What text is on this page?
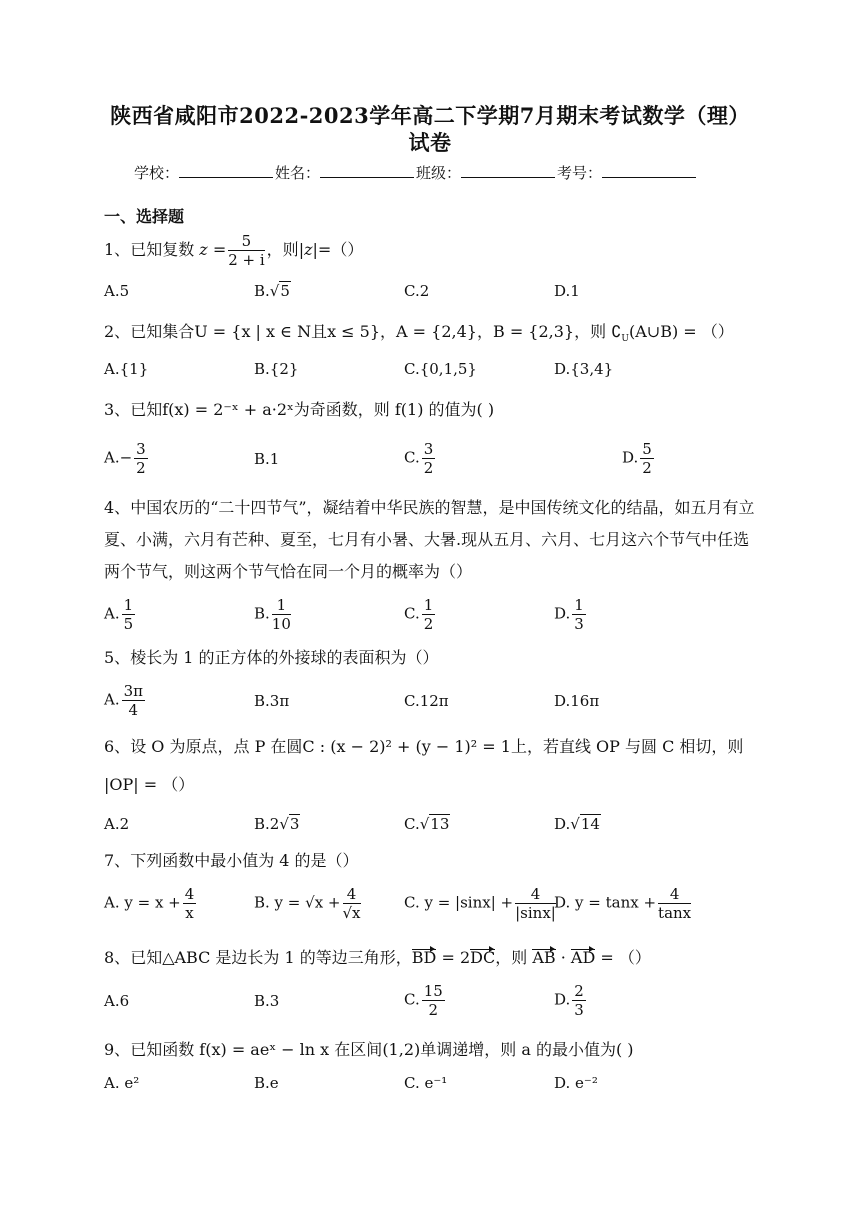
陕西省咸阳市2022-2023学年高二下学期7月期末考试数学（理）试卷
学校：	姓名：	班级：	考号：
一、选择题
1、已知复数 $z = \frac{5}{2 + i}$ ，则|z|=（）
A.5	B.√5	C.2	D.1
2、已知集合U = {x | x ∈ N且x ≤ 5}，A = {2,4}，B = {2,3}，则 $∁_U(A\cup B)$ = （）
A.{1}	B.{2}	C.{0,1,5}	D.{3,4}
3、已知f(x) = 2⁻ˣ + a·2ˣ为奇函数，则 f(1) 的值为( )
$A.- \frac{3}{2}$	B.1	C. $\frac{3}{2}$	D. $\frac{5}{2}$
4、中国农历的“二十四节气”，凝结着中华民族的智慧，是中国传统文化的结晶，如五月有立夏、小满，六月有芒种、夏至，七月有小暑、大暑.现从五月、六月、七月这六个节气中任选两个节气，则这两个节气恰在同一个月的概率为（）
A. $\frac{1}{5}$	B. $\frac{1}{10}$	C. $\frac{1}{2}$	D. $\frac{1}{3}$
5、棱长为 1 的正方体的外接球的表面积为（）
A. $\frac{3\pi}{4}$	B.3π	C.12π	D.16π
6、设 O 为原点，点 P 在圆C : (x − 2)² + (y − 1)² = 1上，若直线 OP 与圆 C 相切，则
|OP| = （）
A.2	B.2√3	C.√13	D.√14
7、下列函数中最小值为 4 的是（）
A. $y = x + \frac{4}{x}$	B. $y = √x + \frac{4}{√x}$	C. $y = |\sin x| + \frac{4}{|\sin x|}$
D. $y = \tan x + \frac{4}{\tan x}$
8、已知△ABC 是边长为 1 的等边三角形，BD = 2DC，则 AB · AD = （）
A.6	B.3	C. $\frac{15}{2}$	D. $\frac{2}{3}$
9、已知函数 f(x) = aeˣ − ln x 在区间(1,2)单调递增，则 a 的最小值为( )
A. e²	B.e	C. e⁻¹	D. e⁻²
